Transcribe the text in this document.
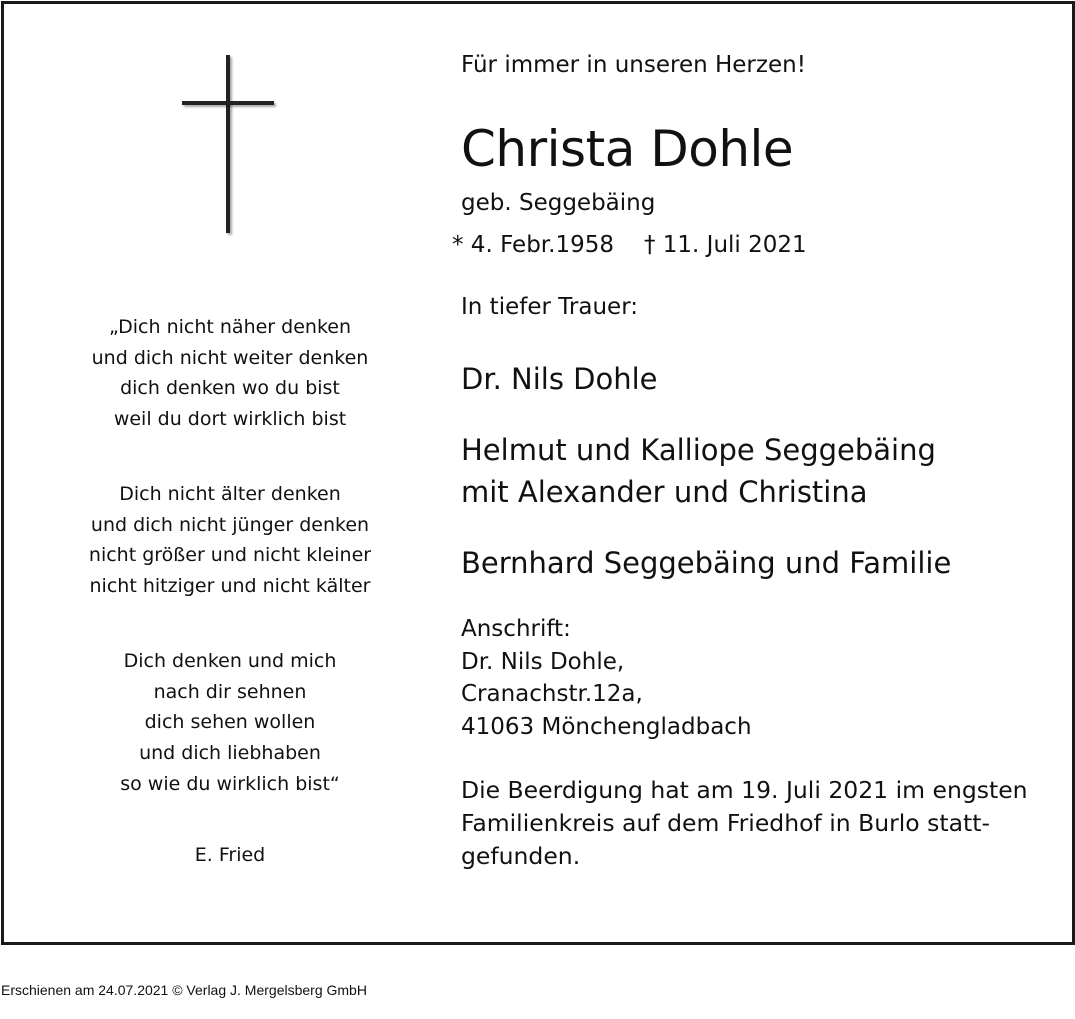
„Dich nicht näher denken
und dich nicht weiter denken
dich denken wo du bist
weil du dort wirklich bist
Dich nicht älter denken
und dich nicht jünger denken
nicht größer und nicht kleiner
nicht hitziger und nicht kälter
Dich denken und mich
nach dir sehnen
dich sehen wollen
und dich liebhaben
so wie du wirklich bist“
E. Fried
Für immer in unseren Herzen!
Christa Dohle
geb. Seggebäing
* 4. Febr.1958 † 11. Juli 2021
In tiefer Trauer:
Dr. Nils Dohle
Helmut und Kalliope Seggebäing
mit Alexander und Christina
Bernhard Seggebäing und Familie
Anschrift:
Dr. Nils Dohle,
Cranachstr.12a,
41063 Mönchengladbach
Die Beerdigung hat am 19. Juli 2021 im engsten
Familienkreis auf dem Friedhof in Burlo statt-
gefunden.
Erschienen am 24.07.2021 © Verlag J. Mergelsberg GmbH
